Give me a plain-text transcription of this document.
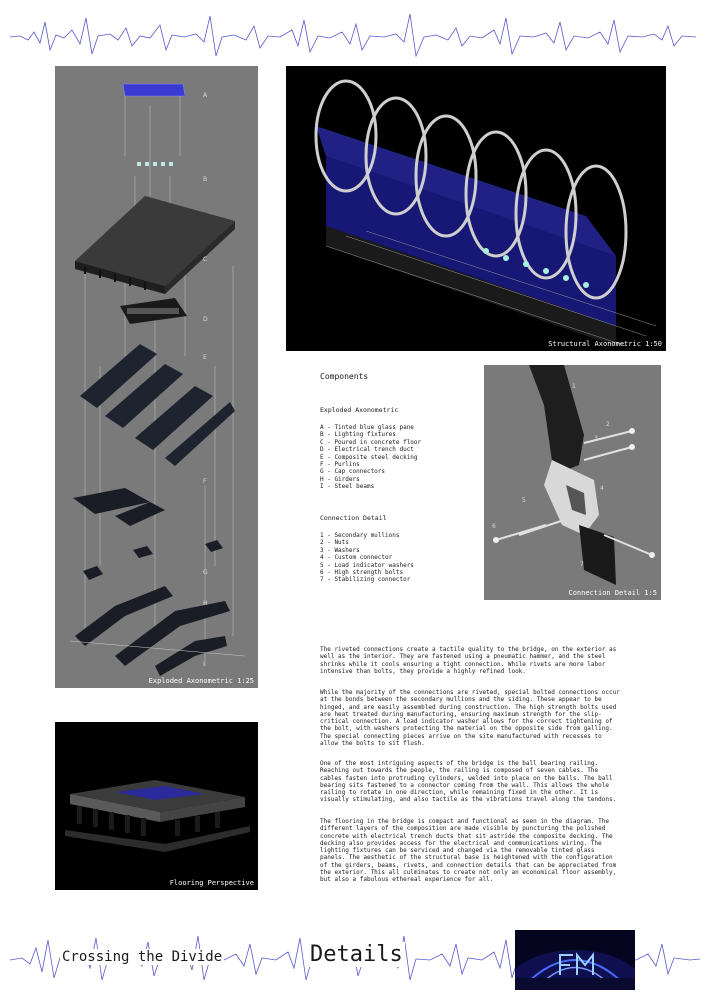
A
B
C
D
E
F
G
H
I
Exploded Axonometric 1:25
Structural Axonometric 1:50
Components
Exploded Axonometric
A - Tinted blue glass pane
B - Lighting fixtures
C - Poured in concrete floor
D - Electrical trench duct
E - Composite steel decking
F - Purlins
G - Cap connectors
H - Girders
I - Steel beams
Connection Detail
1 - Secondary mullions
2 - Nuts
3 - Washers
4 - Custom connector
5 - Load indicator washers
6 - High strength bolts
7 - Stabilizing connector
1
2
3
4
5
6
7
Connection Detail 1:5

The riveted connections create a tactile quality to the bridge, on the exterior as well as the interior. They are fastened using a pneumatic hammer, and the steel shrinks while it cools ensuring a tight connection. While rivets are more labor intensive than bolts, they provide a highly refined look.

While the majority of the connections are riveted, special bolted connections occur at the bonds between the secondary mullions and the siding. These appear to be hinged, and are easily assembled during construction. The high strength bolts used are heat treated during manufacturing, ensuring maximum strength for the slip-critical connection. A load indicator washer allows for the correct tightening of the bolt, with washers protecting the material on the opposite side from galling. The special connecting pieces arrive on the site manufactured with recesses to allow the bolts to sit flush.

One of the most intriguing aspects of the bridge is the ball bearing railing. Reaching out towards the people, the railing is composed of seven cables. The cables fasten into protruding cylinders, welded into place on the balls. The ball bearing sits fastened to a connector coming from the wall. This allows the whole railing to rotate in one direction, while remaining fixed in the other. It is visually stimulating, and also tactile as the vibrations travel along the tendons.

The flooring in the bridge is compact and functional as seen in the diagram. The different layers of the composition are made visible by puncturing the polished concrete with electrical trench ducts that sit astride the composite decking. The decking also provides access for the electrical and communications wiring. The lighting fixtures can be serviced and changed via the removable tinted glass panels. The aesthetic of the structural base is heightened with the configuration of the girders, beams, rivets, and connection details that can be appreciated from the exterior. This all culminates to create not only an economical floor assembly, but also a fabulous ethereal experience for all.

Flooring Perspective
Crossing the Divide	Details
